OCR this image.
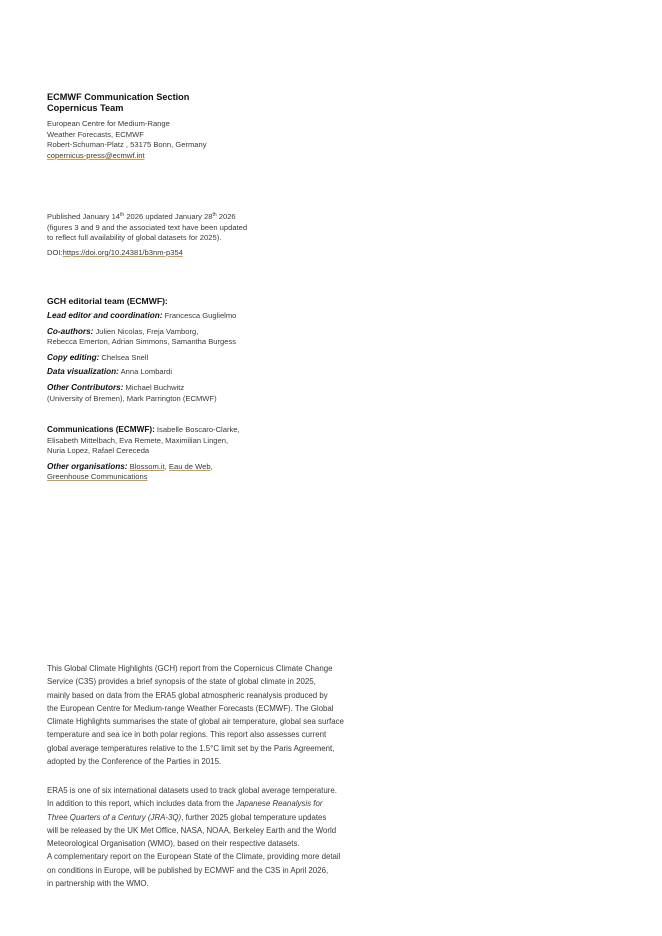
ECMWF Communication Section
Copernicus Team
European Centre for Medium-Range
Weather Forecasts, ECMWF
Robert-Schuman-Platz , 53175 Bonn, Germany
copernicus-press@ecmwf.int
Published January 14th 2026 updated January 28th 2026
(figures 3 and 9 and the associated text have been updated
to reflect full availability of global datasets for 2025).
DOI:https://doi.org/10.24381/b3nm-p354
GCH editorial team (ECMWF):
Lead editor and coordination: Francesca Guglielmo
Co-authors: Julien Nicolas, Freja Vamborg,
Rebecca Emerton, Adrian Simmons, Samantha Burgess
Copy editing: Chelsea Snell
Data visualization: Anna Lombardi
Other Contributors: Michael Buchwitz
(University of Bremen), Mark Parrington (ECMWF)
Communications (ECMWF): Isabelle Boscaro-Clarke,
Elisabeth Mittelbach, Eva Remete, Maximilian Lingen,
Nuria Lopez, Rafael Cereceda
Other organisations: Blossom.it, Eau de Web,
Greenhouse Communications
This Global Climate Highlights (GCH) report from the Copernicus Climate Change
Service (C3S) provides a brief synopsis of the state of global climate in 2025,
mainly based on data from the ERA5 global atmospheric reanalysis produced by
the European Centre for Medium-range Weather Forecasts (ECMWF). The Global
Climate Highlights summarises the state of global air temperature, global sea surface
temperature and sea ice in both polar regions. This report also assesses current
global average temperatures relative to the 1.5°C limit set by the Paris Agreement,
adopted by the Conference of the Parties in 2015.
ERA5 is one of six international datasets used to track global average temperature.
In addition to this report, which includes data from the Japanese Reanalysis for
Three Quarters of a Century (JRA-3Q), further 2025 global temperature updates
will be released by the UK Met Office, NASA, NOAA, Berkeley Earth and the World
Meteorological Organisation (WMO), based on their respective datasets.
A complementary report on the European State of the Climate, providing more detail
on conditions in Europe, will be published by ECMWF and the C3S in April 2026,
in partnership with the WMO.
